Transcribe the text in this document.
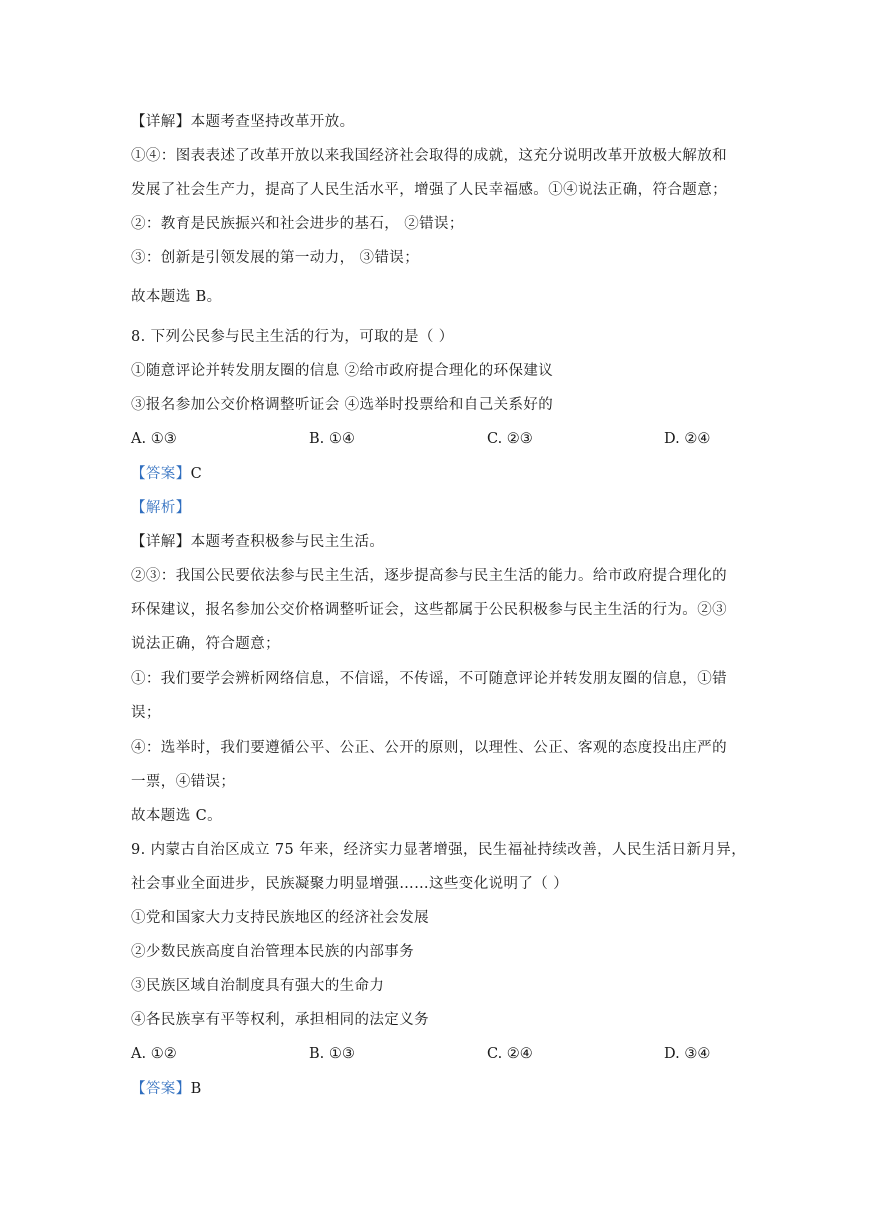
【详解】本题考查坚持改革开放。
①④：图表表述了改革开放以来我国经济社会取得的成就，这充分说明改革开放极大解放和
发展了社会生产力，提高了人民生活水平，增强了人民幸福感。①④说法正确，符合题意；
②：教育是民族振兴和社会进步的基石， ②错误；
③：创新是引领发展的第一动力， ③错误；
故本题选 B。
8. 下列公民参与民主生活的行为，可取的是（ ）
①随意评论并转发朋友圈的信息 ②给市政府提合理化的环保建议
③报名参加公交价格调整听证会 ④选举时投票给和自己关系好的
A. ①③	B. ①④	C. ②③	D. ②④
【答案】C
【解析】
【详解】本题考查积极参与民主生活。
②③：我国公民要依法参与民主生活，逐步提高参与民主生活的能力。给市政府提合理化的
环保建议，报名参加公交价格调整听证会，这些都属于公民积极参与民主生活的行为。②③
说法正确，符合题意；
①：我们要学会辨析网络信息，不信谣，不传谣，不可随意评论并转发朋友圈的信息，①错
误；
④：选举时，我们要遵循公平、公正、公开的原则，以理性、公正、客观的态度投出庄严的
一票，④错误；
故本题选 C。
9. 内蒙古自治区成立 75 年来，经济实力显著增强，民生福祉持续改善，人民生活日新月异，
社会事业全面进步，民族凝聚力明显增强……这些变化说明了（ ）
①党和国家大力支持民族地区的经济社会发展
②少数民族高度自治管理本民族的内部事务
③民族区域自治制度具有强大的生命力
④各民族享有平等权利，承担相同的法定义务
A. ①②	B. ①③	C. ②④	D. ③④
【答案】B
